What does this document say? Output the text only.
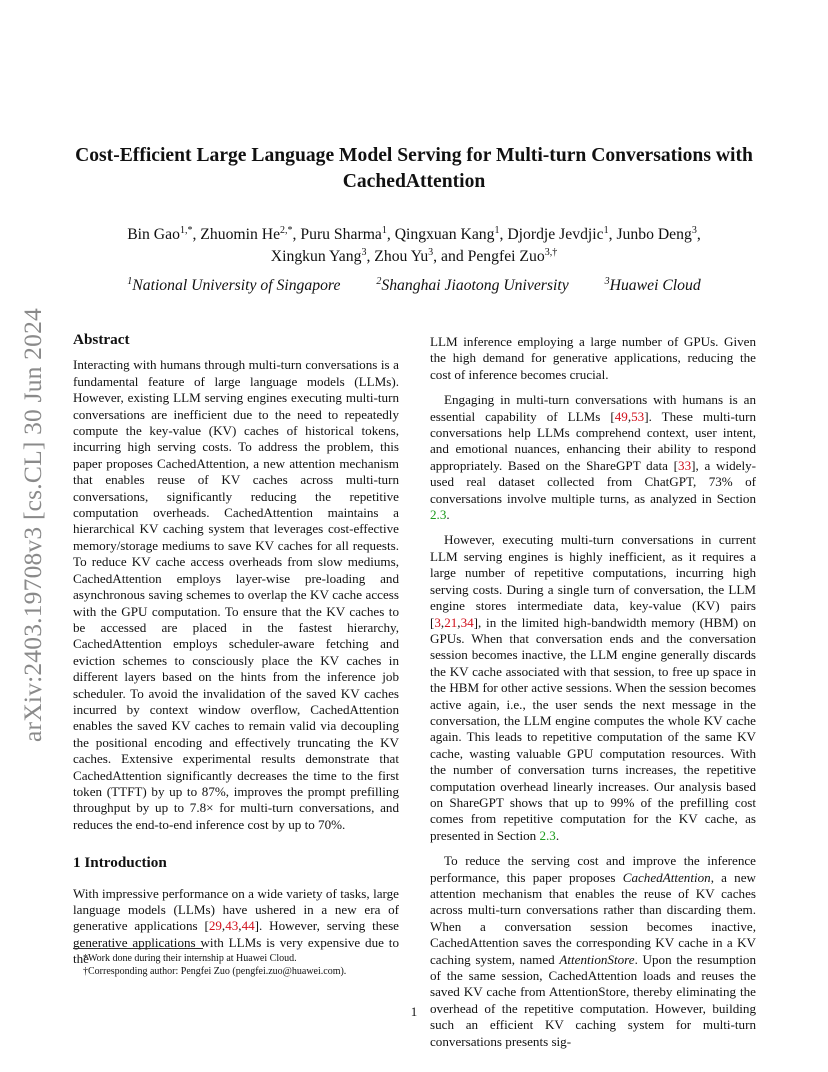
arXiv:2403.19708v3 [cs.CL] 30 Jun 2024
Cost-Efficient Large Language Model Serving for Multi-turn Conversations with
CachedAttention
Bin Gao$^{1,*}$, Zhuomin $He^{2,*}$, Puru Sharma$^1$, Qingxuan Kang$^1$, Djordje Jevdjic$^1$, Junbo Deng$^3$,
Xingkun Yang$^3$, Zhou Yu$^3$, and Pengfei Zuo$^{3,\dagger}$
$^1$National University of Singapore	$^2$Shanghai Jiaotong University	$^3$Huawei Cloud

Abstract

Interacting with humans through multi-turn conversations is a fundamental feature of large language models (LLMs). However, existing LLM serving engines executing multi-turn conversations are inefficient due to the need to repeatedly compute the key-value (KV) caches of historical tokens, incurring high serving costs. To address the problem, this paper proposes CachedAttention, a new attention mechanism that enables reuse of KV caches across multi-turn conversations, significantly reducing the repetitive computation overheads. CachedAttention maintains a hierarchical KV caching system that leverages cost-effective memory/storage mediums to save KV caches for all requests. To reduce KV cache access overheads from slow mediums, CachedAttention employs layer-wise pre-loading and asynchronous saving schemes to overlap the KV cache access with the GPU computation. To ensure that the KV caches to be accessed are placed in the fastest hierarchy, CachedAttention employs scheduler-aware fetching and eviction schemes to consciously place the KV caches in different layers based on the hints from the inference job scheduler. To avoid the invalidation of the saved KV caches incurred by context window overflow, CachedAttention enables the saved KV caches to remain valid via decoupling the positional encoding and effectively truncating the KV caches. Extensive experimental results demonstrate that CachedAttention significantly decreases the time to the first token (TTFT) by up to 87%, improves the prompt prefilling throughput by up to 7.8× for multi-turn conversations, and reduces the end-to-end inference cost by up to 70%.

1 Introduction

With impressive performance on a wide variety of tasks, large language models (LLMs) have ushered in a new era of generative applications [29,43,44]. However, serving these generative applications with LLMs is very expensive due to the

*Work done during their internship at Huawei Cloud.
†Corresponding author: Pengfei Zuo (pengfei.zuo@huawei.com).

LLM inference employing a large number of GPUs. Given the high demand for generative applications, reducing the cost of inference becomes crucial.

Engaging in multi-turn conversations with humans is an essential capability of LLMs [49,53]. These multi-turn conversations help LLMs comprehend context, user intent, and emotional nuances, enhancing their ability to respond appropriately. Based on the ShareGPT data [33], a widely-used real dataset collected from ChatGPT, 73% of conversations involve multiple turns, as analyzed in Section 2.3.

However, executing multi-turn conversations in current LLM serving engines is highly inefficient, as it requires a large number of repetitive computations, incurring high serving costs. During a single turn of conversation, the LLM engine stores intermediate data, key-value (KV) pairs [3,21,34], in the limited high-bandwidth memory (HBM) on GPUs. When that conversation ends and the conversation session becomes inactive, the LLM engine generally discards the KV cache associated with that session, to free up space in the HBM for other active sessions. When the session becomes active again, i.e., the user sends the next message in the conversation, the LLM engine computes the whole KV cache again. This leads to repetitive computation of the same KV cache, wasting valuable GPU computation resources. With the number of conversation turns increases, the repetitive computation overhead linearly increases. Our analysis based on ShareGPT shows that up to 99% of the prefilling cost comes from repetitive computation for the KV cache, as presented in Section 2.3.

To reduce the serving cost and improve the inference performance, this paper proposes CachedAttention, a new attention mechanism that enables the reuse of KV caches across multi-turn conversations rather than discarding them. When a conversation session becomes inactive, CachedAttention saves the corresponding KV cache in a KV caching system, named AttentionStore. Upon the resumption of the same session, CachedAttention loads and reuses the saved KV cache from AttentionStore, thereby eliminating the overhead of the repetitive computation. However, building such an efficient KV caching system for multi-turn conversations presents sig-

1
